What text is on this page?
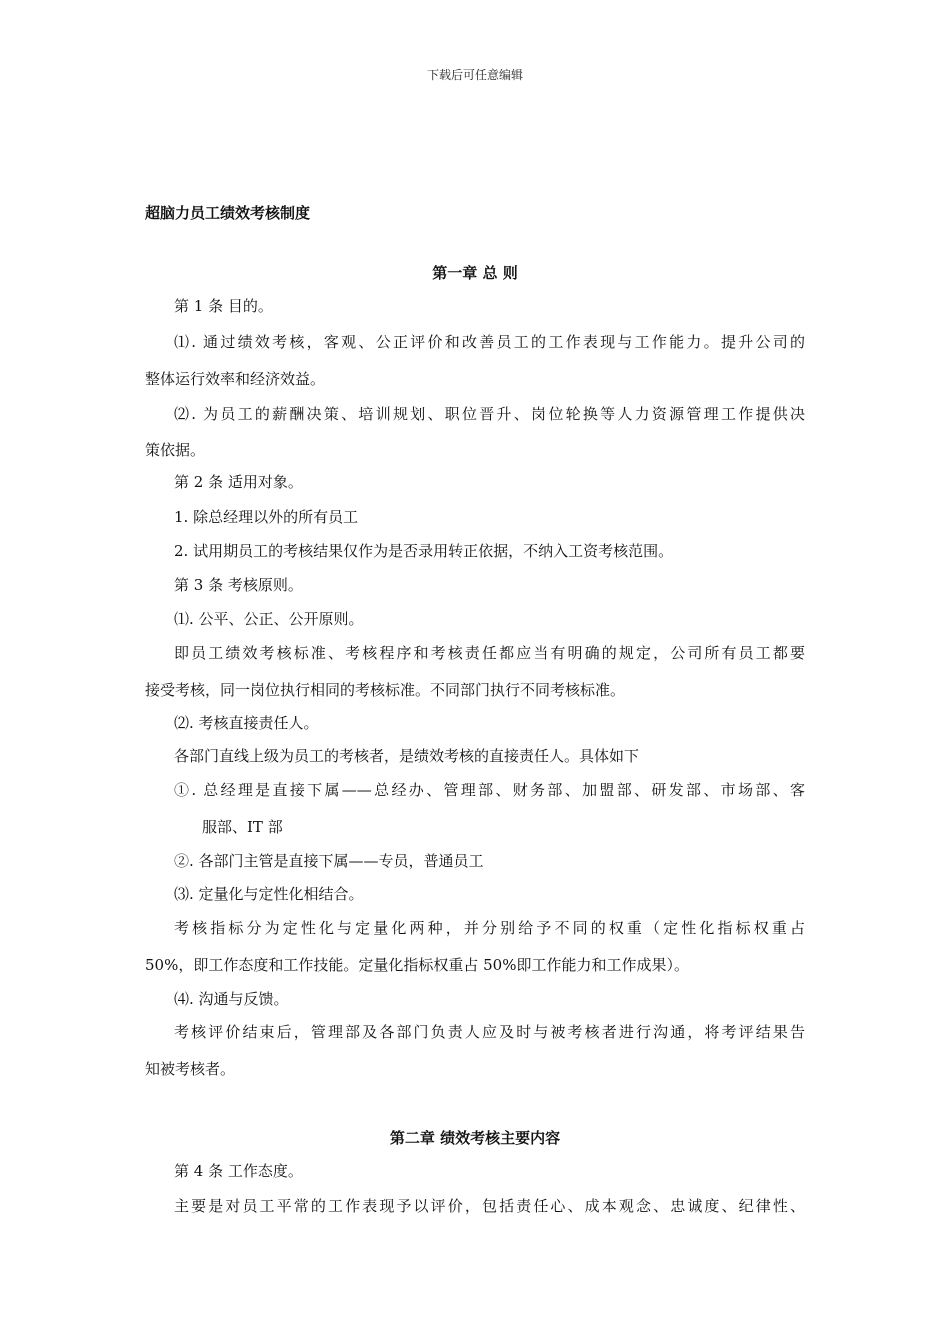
下载后可任意编辑
超脑力员工绩效考核制度
第一章 总 则
第 1 条 目的。
⑴. 通过绩效考核，客观、公正评价和改善员工的工作表现与工作能力。提升公司的
整体运行效率和经济效益。
⑵. 为员工的薪酬决策、培训规划、职位晋升、岗位轮换等人力资源管理工作提供决
策依据。
第 2 条 适用对象。
1. 除总经理以外的所有员工
2. 试用期员工的考核结果仅作为是否录用转正依据，不纳入工资考核范围。
第 3 条 考核原则。
⑴. 公平、公正、公开原则。
即员工绩效考核标准、考核程序和考核责任都应当有明确的规定，公司所有员工都要
接受考核，同一岗位执行相同的考核标准。不同部门执行不同考核标准。
⑵. 考核直接责任人。
各部门直线上级为员工的考核者，是绩效考核的直接责任人。具体如下
①. 总经理是直接下属——总经办、管理部、财务部、加盟部、研发部、市场部、客
服部、IT 部
②. 各部门主管是直接下属——专员，普通员工
⑶. 定量化与定性化相结合。
考核指标分为定性化与定量化两种，并分别给予不同的权重（定性化指标权重占
50%，即工作态度和工作技能。定量化指标权重占 50%即工作能力和工作成果）。
⑷. 沟通与反馈。
考核评价结束后，管理部及各部门负责人应及时与被考核者进行沟通，将考评结果告
知被考核者。
第二章 绩效考核主要内容
第 4 条 工作态度。
主要是对员工平常的工作表现予以评价，包括责任心、成本观念、忠诚度、纪律性、
